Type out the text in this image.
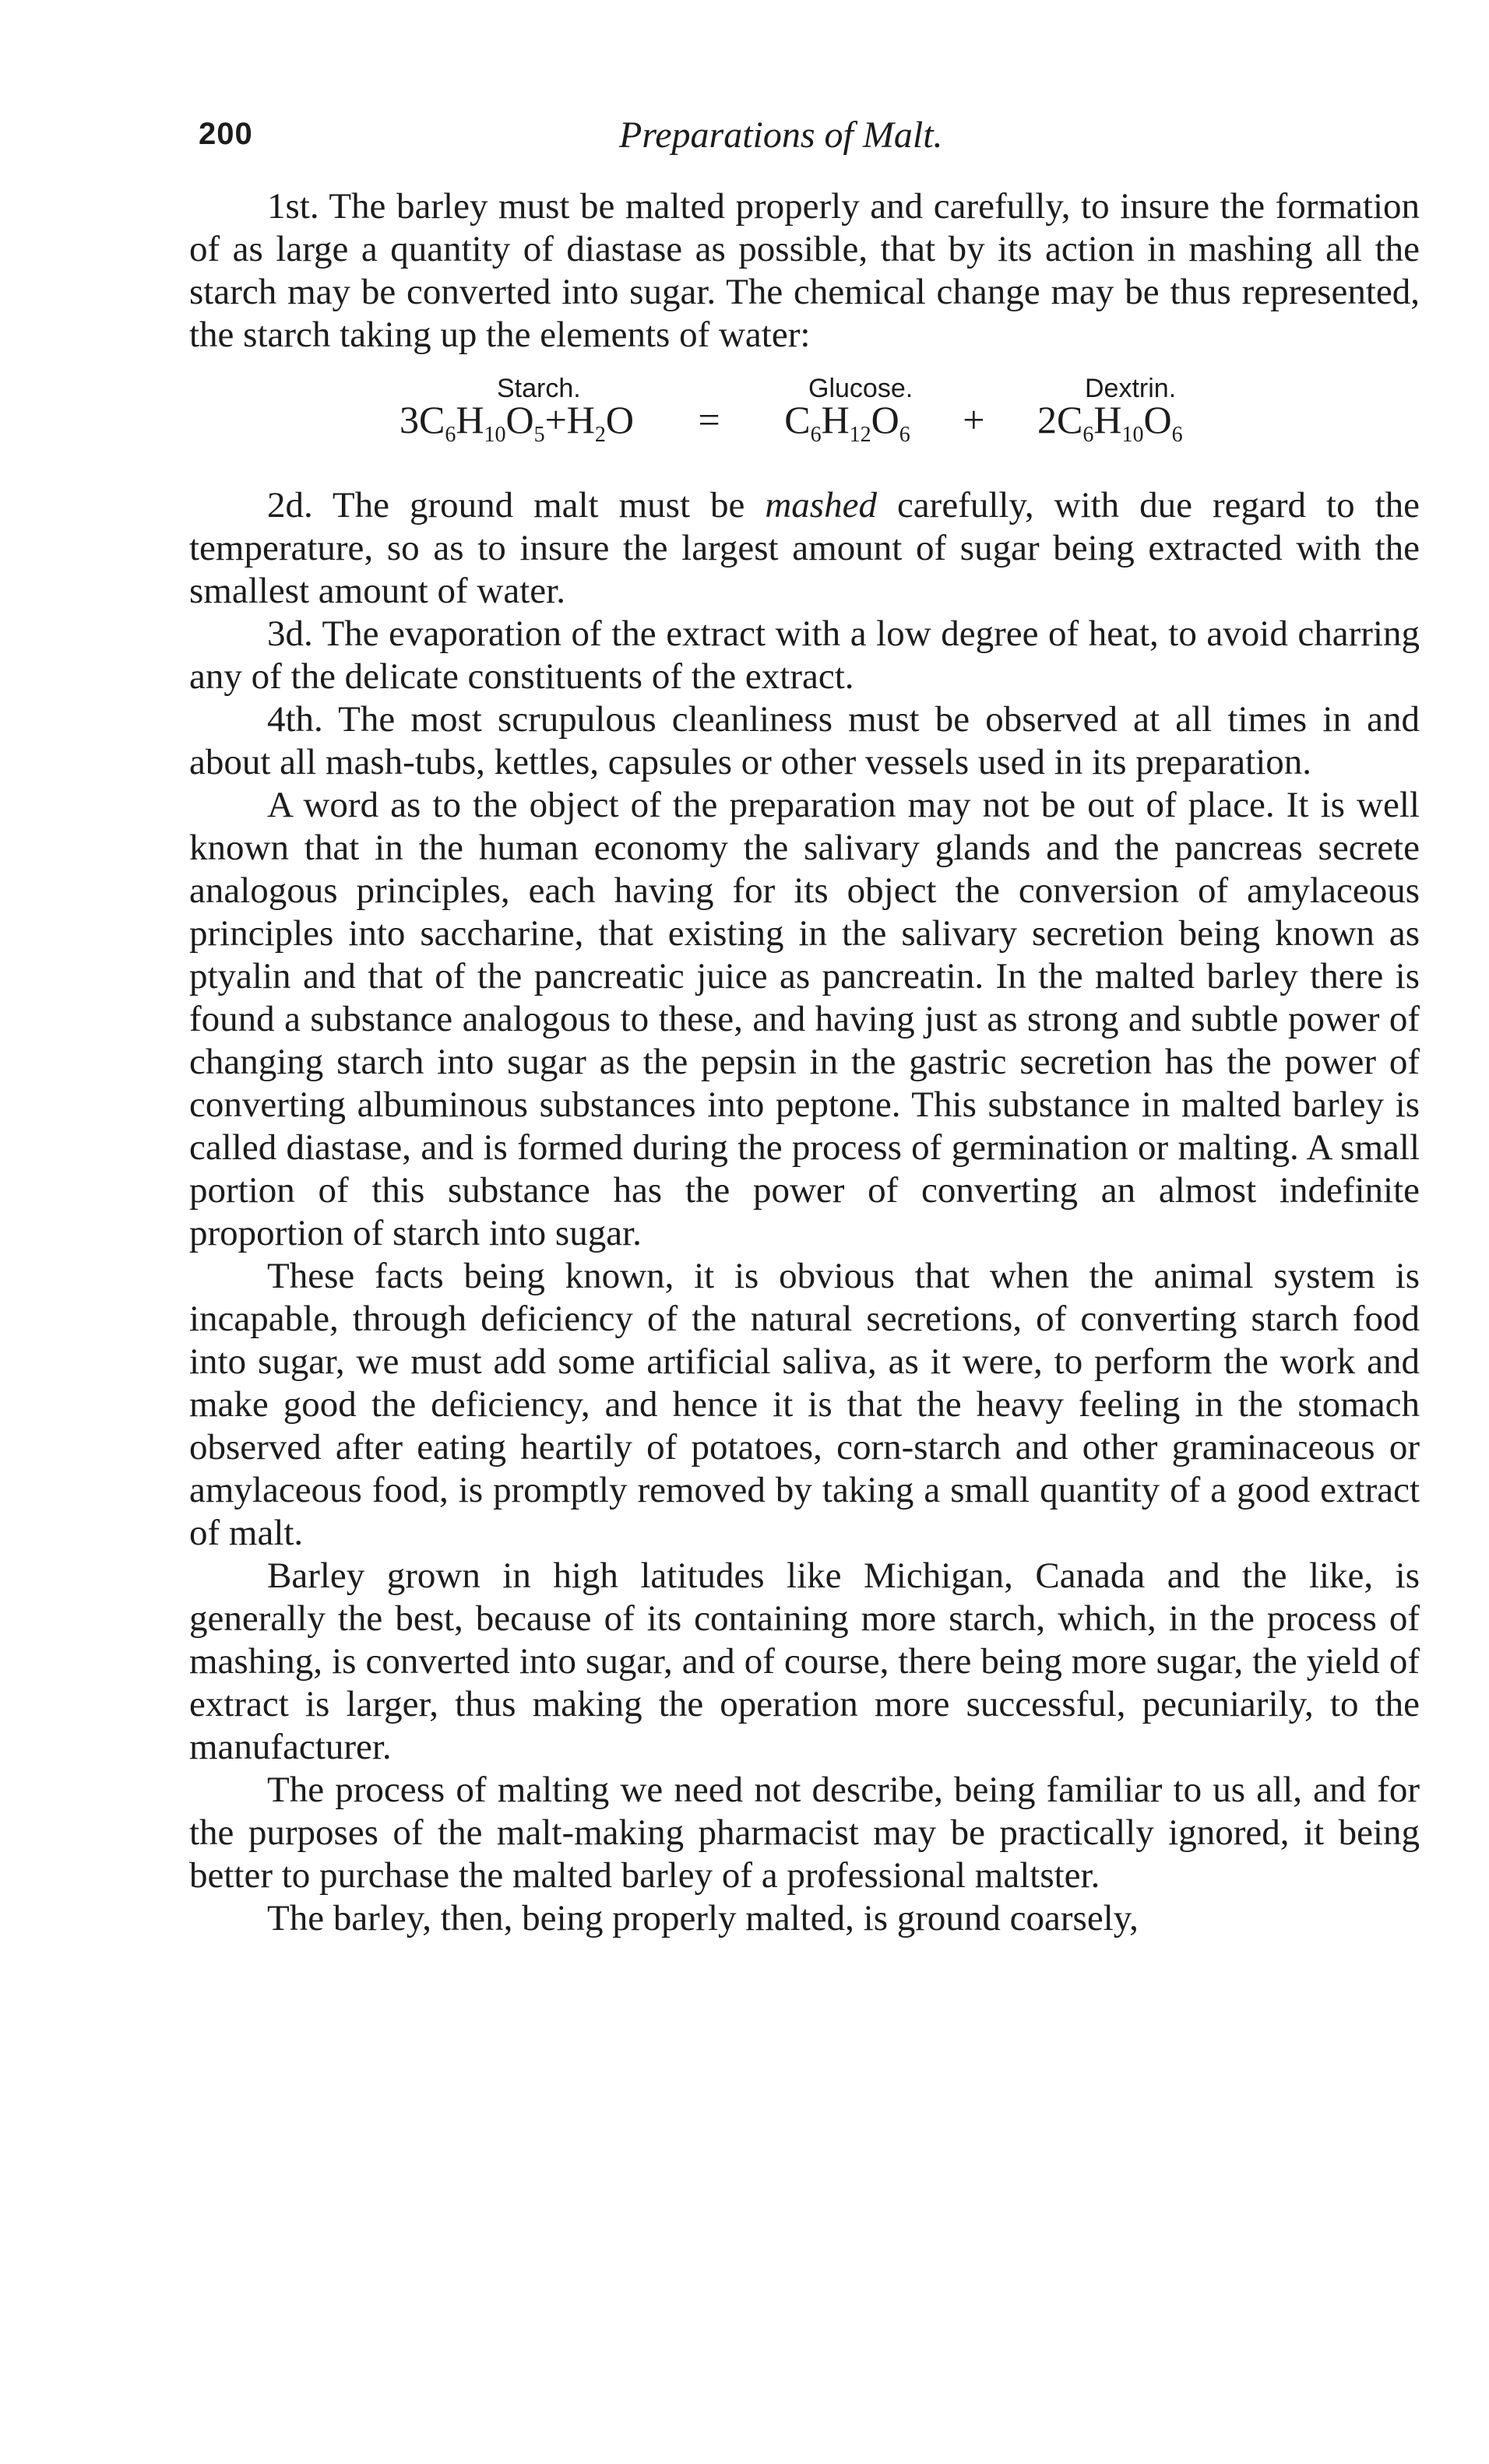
200	Preparations of Malt.

1st. The barley must be malted properly and carefully, to insure the formation of as large a quantity of diastase as possible, that by its action in mashing all the starch may be converted into sugar. The chemical change may be thus represented, the starch taking up the elements of water:

Starch.	Glucose.	Dextrin.
$3C_6H_{10}O_5+H_2O = C_6H_{12}O_6 + 2C_6H_{10}O_6$

2d. The ground malt must be mashed carefully, with due regard to the temperature, so as to insure the largest amount of sugar being extracted with the smallest amount of water.

3d. The evaporation of the extract with a low degree of heat, to avoid charring any of the delicate constituents of the extract.

4th. The most scrupulous cleanliness must be observed at all times in and about all mash-tubs, kettles, capsules or other vessels used in its preparation.

A word as to the object of the preparation may not be out of place. It is well known that in the human economy the salivary glands and the pancreas secrete analogous principles, each having for its object the conversion of amylaceous principles into saccharine, that existing in the salivary secretion being known as ptyalin and that of the pancreatic juice as pancreatin. In the malted barley there is found a substance analogous to these, and having just as strong and subtle power of changing starch into sugar as the pepsin in the gastric secretion has the power of converting albuminous substances into peptone. This substance in malted barley is called diastase, and is formed during the process of germination or malting. A small portion of this substance has the power of converting an almost indefinite proportion of starch into sugar.

These facts being known, it is obvious that when the animal system is incapable, through deficiency of the natural secretions, of converting starch food into sugar, we must add some artificial saliva, as it were, to perform the work and make good the deficiency, and hence it is that the heavy feeling in the stomach observed after eating heartily of potatoes, corn-starch and other graminaceous or amylaceous food, is promptly removed by taking a small quantity of a good extract of malt.

Barley grown in high latitudes like Michigan, Canada and the like, is generally the best, because of its containing more starch, which, in the process of mashing, is converted into sugar, and of course, there being more sugar, the yield of extract is larger, thus making the operation more successful, pecuniarily, to the manufacturer.

The process of malting we need not describe, being familiar to us all, and for the purposes of the malt-making pharmacist may be practically ignored, it being better to purchase the malted barley of a professional maltster.

The barley, then, being properly malted, is ground coarsely,
